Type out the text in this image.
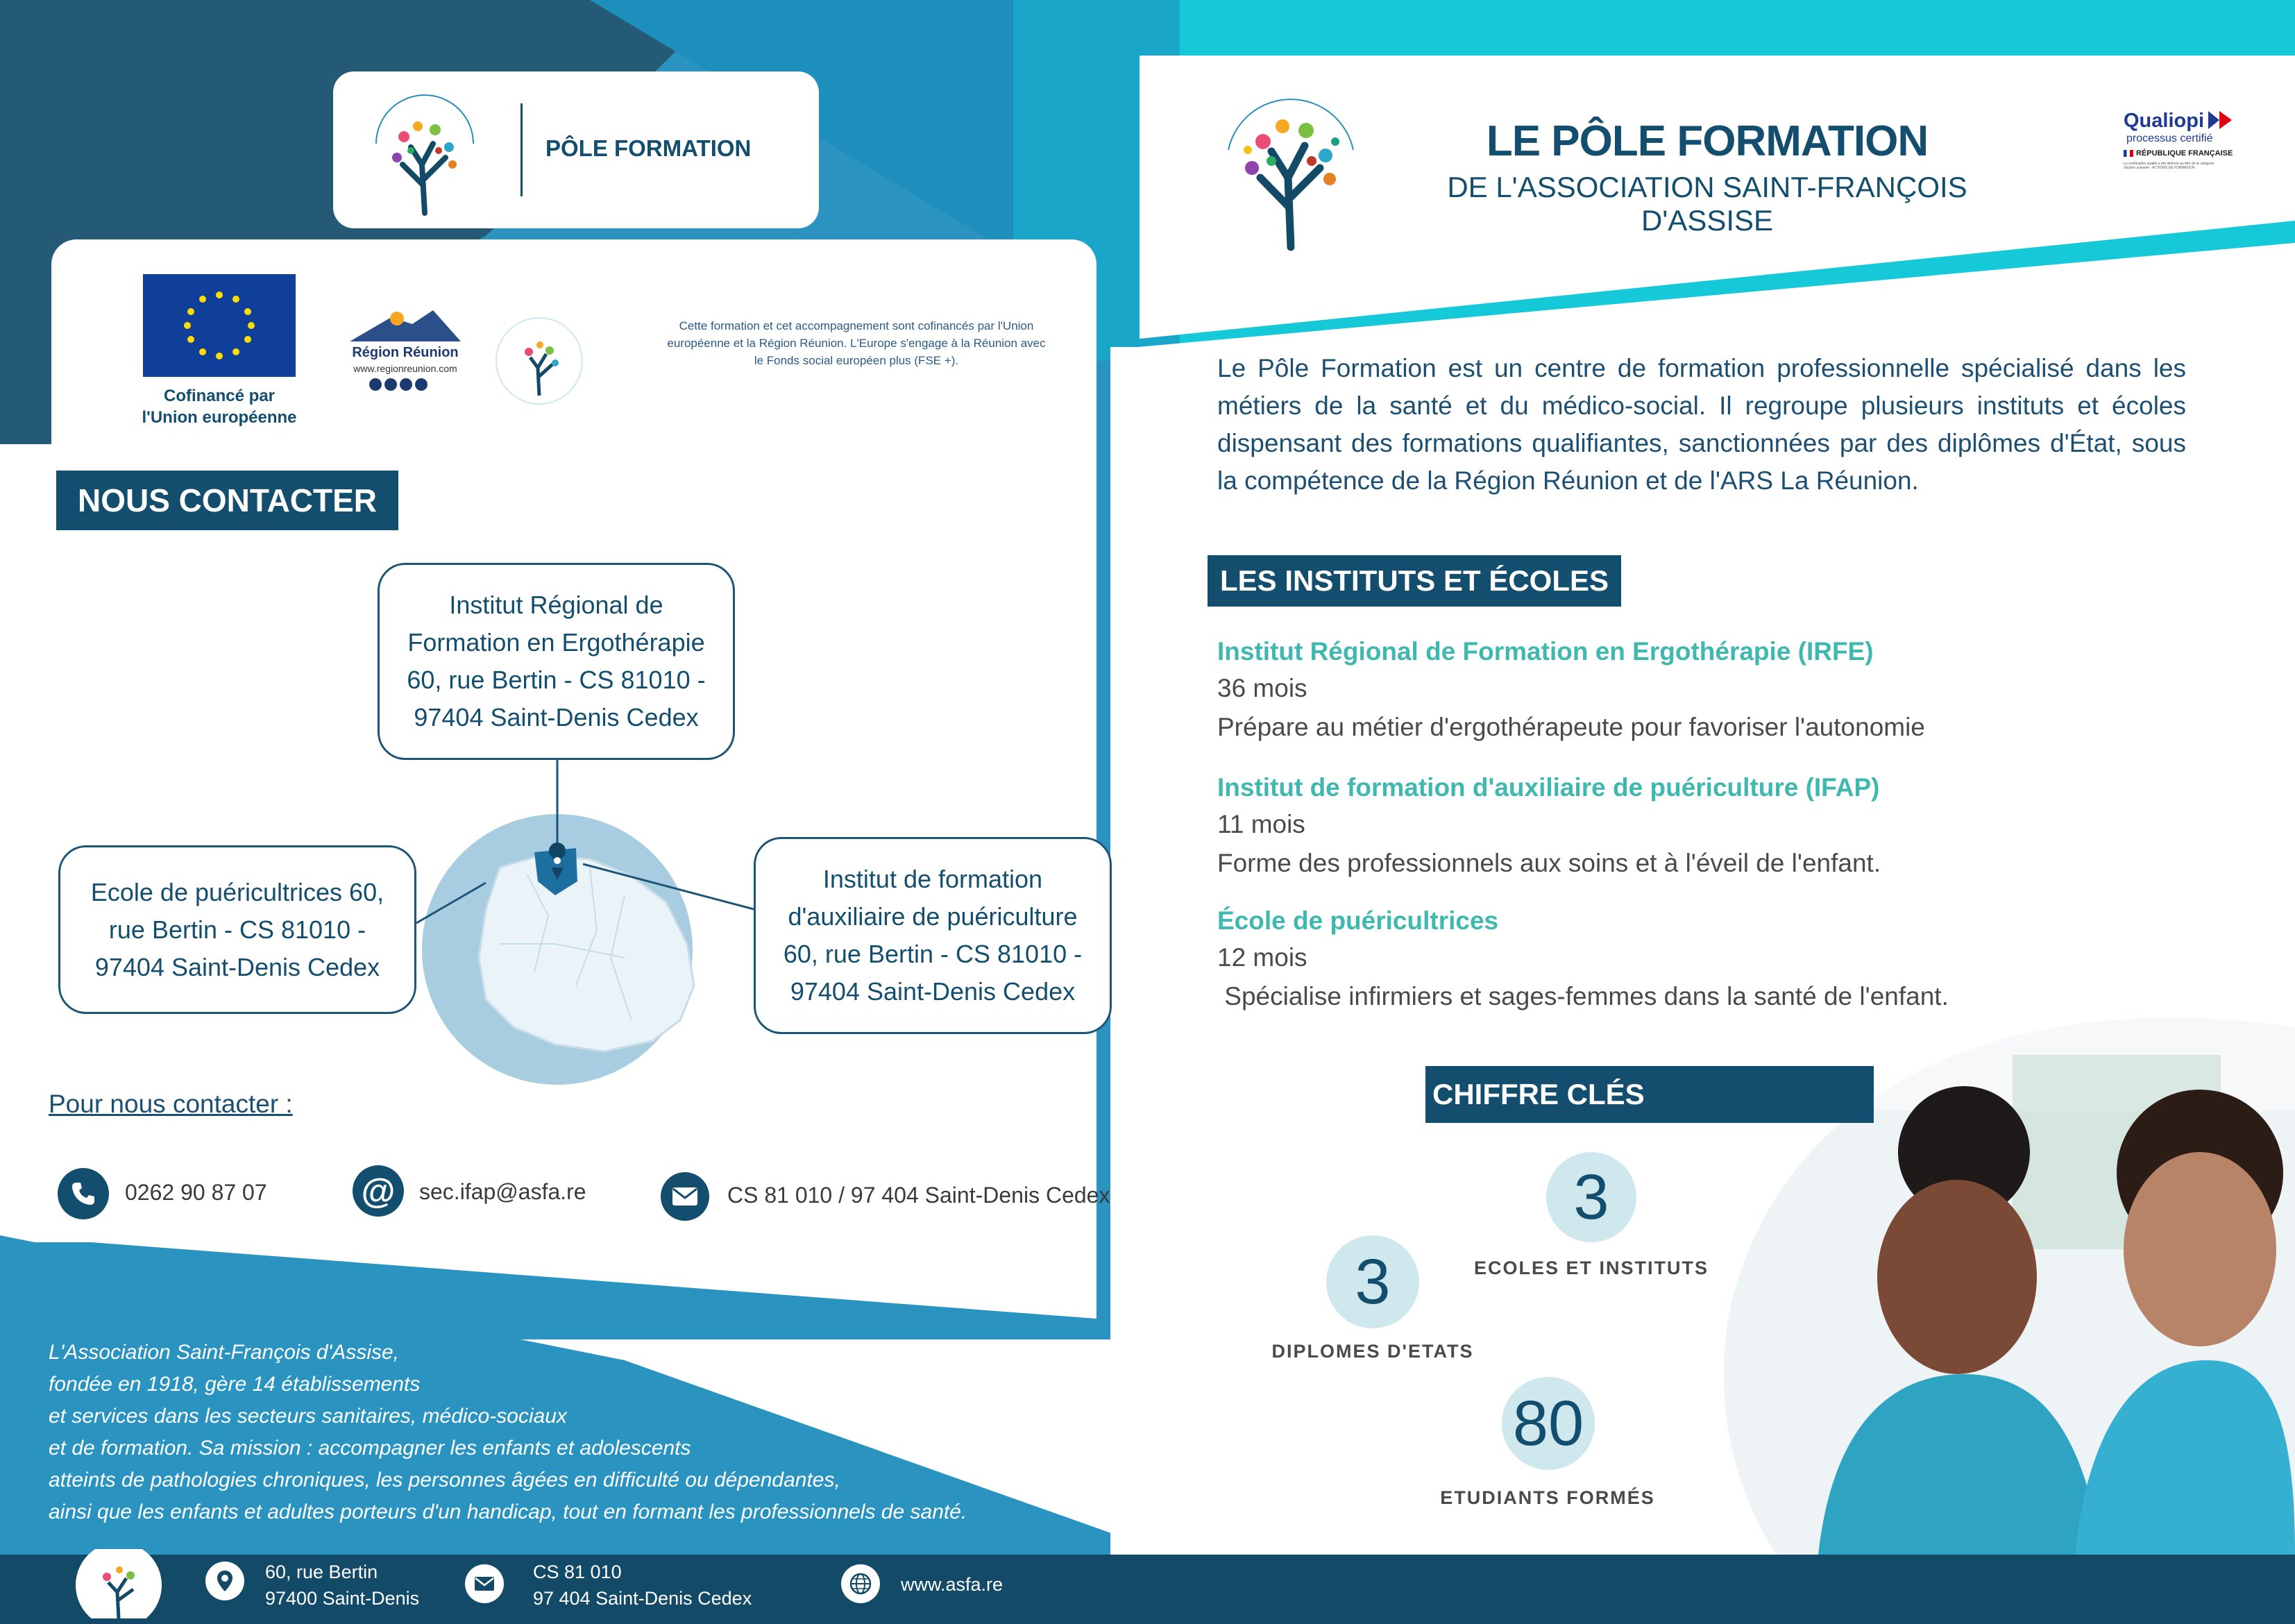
PÔLE FORMATION
Cofinancé par
l'Union européenne
Région Réunion
www.regionreunion.com
Cette formation et cet accompagnement sont cofinancés par l'Union européenne et la Région Réunion. L'Europe s'engage à la Réunion avec le Fonds social européen plus (FSE +).
NOUS CONTACTER
Institut Régional de Formation en Ergothérapie 60, rue Bertin - CS 81010 - 97404 Saint-Denis Cedex
Ecole de puéricultrices 60, rue Bertin - CS 81010 - 97404 Saint-Denis Cedex
Institut de formation d'auxiliaire de puériculture 60, rue Bertin - CS 81010 - 97404 Saint-Denis Cedex
Pour nous contacter :
0262 90 87 07	@ sec.ifap@asfa.re	CS 81 010 / 97 404 Saint-Denis Cedex
L'Association Saint-François d'Assise,
fondée en 1918, gère 14 établissements
et services dans les secteurs sanitaires, médico-sociaux
et de formation. Sa mission : accompagner les enfants et adolescents
atteints de pathologies chroniques, les personnes âgées en difficulté ou dépendantes,
ainsi que les enfants et adultes porteurs d'un handicap, tout en formant les professionnels de santé.
60, rue Bertin
97400 Saint-Denis
CS 81 010
97 404 Saint-Denis Cedex
www.asfa.re
LE PÔLE FORMATION
DE L'ASSOCIATION SAINT-FRANÇOIS D'ASSISE
Qualiopi
processus certifié
RÉPUBLIQUE FRANÇAISE
La certification qualité a été délivrée au titre de la catégorie
d'action suivante : ACTIONS DE FORMATION
Le Pôle Formation est un centre de formation professionnelle spécialisé dans les métiers de la santé et du médico-social. Il regroupe plusieurs instituts et écoles dispensant des formations qualifiantes, sanctionnées par des diplômes d'État, sous la compétence de la Région Réunion et de l'ARS La Réunion.
LES INSTITUTS ET ÉCOLES
Institut Régional de Formation en Ergothérapie (IRFE)
36 mois
Prépare au métier d'ergothérapeute pour favoriser l'autonomie
Institut de formation d'auxiliaire de puériculture (IFAP)
11 mois
Forme des professionnels aux soins et à l'éveil de l'enfant.
École de puéricultrices
12 mois
Spécialise infirmiers et sages-femmes dans la santé de l'enfant.
CHIFFRE CLÉS
3
ECOLES ET INSTITUTS
3
DIPLOMES D'ETATS
80
ETUDIANTS FORMÉS
